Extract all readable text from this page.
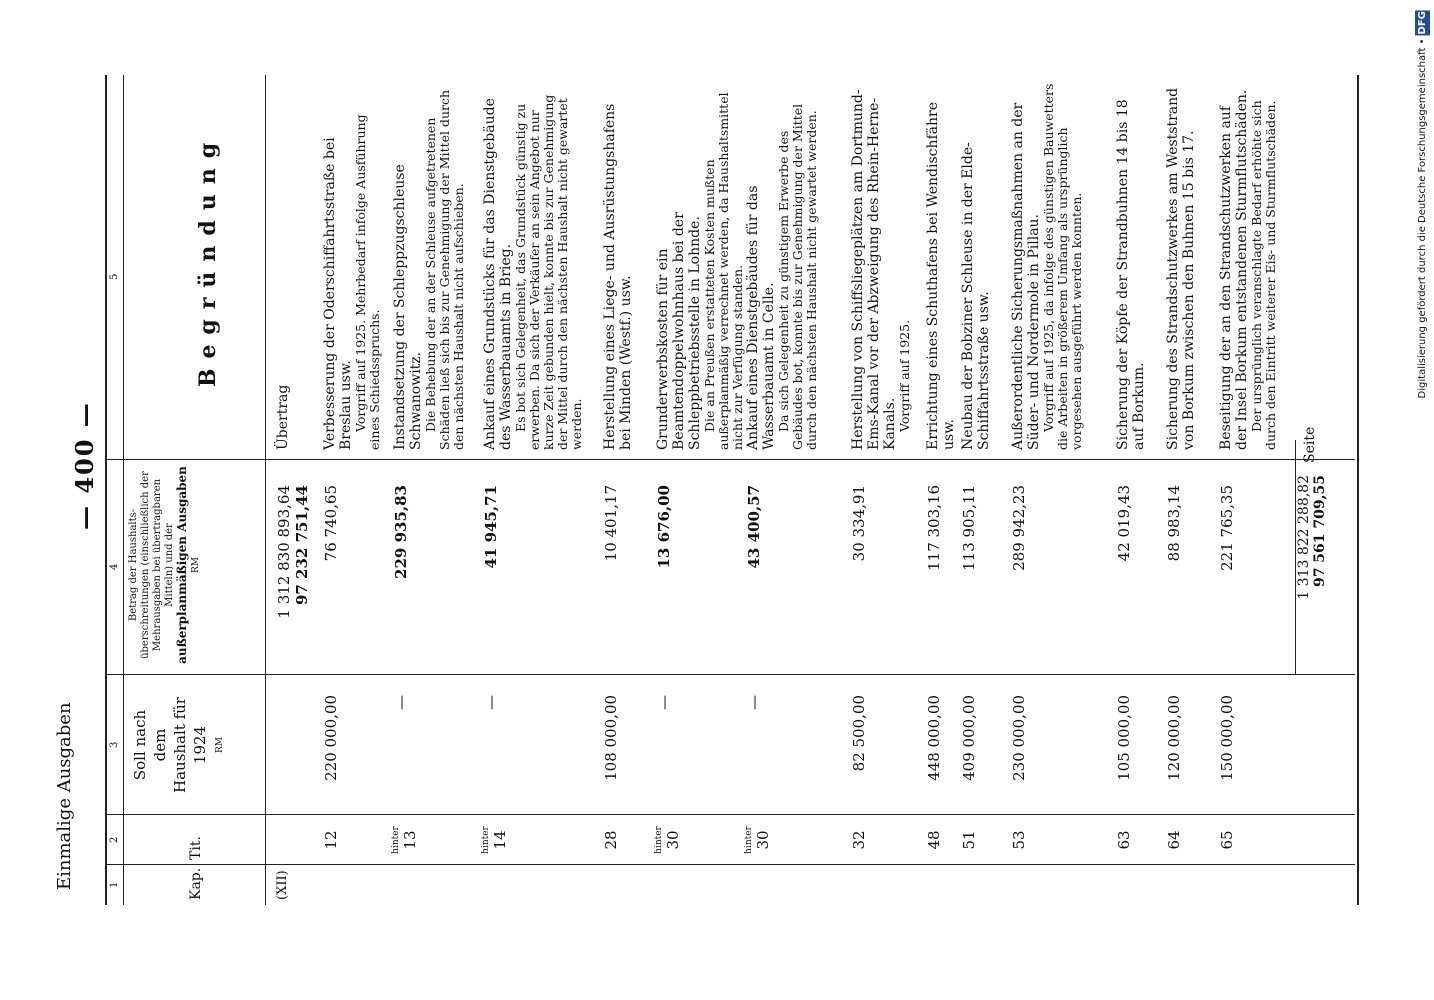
Einmalige Ausgaben
— 400 —
1
2
3
4
5
Kap.
Tit.
Soll nach dem Haushalt für 1924 RM
Betrag der Haushalts-überschreitungen (einschließlich der Mehrausgaben bei übertragbaren Mitteln) und der außerplanmäßigen Ausgaben RM
Begründung
(XII)
1 312 830 893,64 97 232 751,44
Übertrag
12
220 000,00
76 740,65
Verbesserung der Oderschiffahrtsstraße bei Breslau usw. Vorgriff auf 1925. Mehrbedarf infolge Ausführung eines Schiedsspruchs.
hinter 13
—
229 935,83
Instandsetzung der Schleppzugschleuse Schwanowitz. Die Behebung der an der Schleuse aufgetretenen Schäden ließ sich bis zur Genehmigung der Mittel durch den nächsten Haushalt nicht aufschieben.
hinter 14
—
41 945,71
Ankauf eines Grundstücks für das Dienstgebäude des Wasserbauamts in Brieg. Es bot sich Gelegenheit, das Grundstück günstig zu erwerben. Da sich der Verkäufer an sein Angebot nur kurze Zeit gebunden hielt, konnte bis zur Genehmigung der Mittel durch den nächsten Haushalt nicht gewartet werden.
28
108 000,00
10 401,17
Herstellung eines Liege- und Ausrüstungshafens bei Minden (Westf.) usw.
hinter 30
—
13 676,00
Grunderwerbskosten für ein Beamtendoppelwohnhaus bei der Schleppbetriebsstelle in Lohnde. Die an Preußen erstatteten Kosten mußten außerplanmäßig verrechnet werden, da Haushaltsmittel nicht zur Verfügung standen.
hinter 30
—
43 400,57
Ankauf eines Dienstgebäudes für das Wasserbauamt in Celle. Da sich Gelegenheit zu günstigem Erwerbe des Gebäudes bot, konnte bis zur Genehmigung der Mittel durch den nächsten Haushalt nicht gewartet werden.
32
82 500,00
30 334,91
Herstellung von Schiffsliegeplätzen am Dortmund-Ems-Kanal vor der Abzweigung des Rhein-Herne-Kanals. Vorgriff auf 1925.
48
448 000,00
117 303,16
Errichtung eines Schuthafens bei Wendischfähre usw.
51
409 000,00
113 905,11
Neubau der Bobziner Schleuse in der Elde-Schiffahrtsstraße usw.
53
230 000,00
289 942,23
Außerordentliche Sicherungsmaßnahmen an der Süder- und Nordermole in Pillau. Vorgriff auf 1925, da infolge des günstigen Bauwetters die Arbeiten in größerem Umfang als ursprünglich vorgesehen ausgeführt werden konnten.
63
105 000,00
42 019,43
Sicherung der Köpfe der Strandbuhnen 14 bis 18 auf Borkum.
64
120 000,00
88 983,14
Sicherung des Strandschutzwerkes am Weststrand von Borkum zwischen den Buhnen 15 bis 17.
65
150 000,00
221 765,35
Beseitigung der an den Strandschutzwerken auf der Insel Borkum entstandenen Sturmflutschäden. Der ursprünglich veranschlagte Bedarf erhöhte sich durch den Eintritt weiterer Eis- und Sturmflutschäden.
1 313 822 288,82 97 561 709,55
Seite
Digitalisierung gefördert durch die Deutsche Forschungsgemeinschaft • DFG
